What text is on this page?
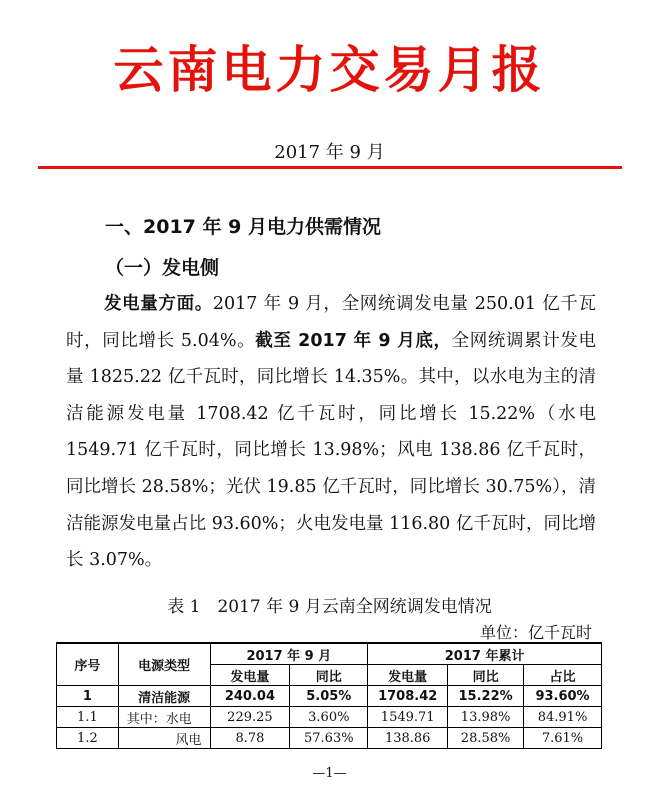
云南电力交易月报
2017 年 9 月
一、2017 年 9 月电力供需情况
（一）发电侧
发电量方面。2017 年 9 月，全网统调发电量 250.01 亿千瓦时，同比增长 5.04%。截至 2017 年 9 月底，全网统调累计发电量 1825.22 亿千瓦时，同比增长 14.35%。其中，以水电为主的清洁能源发电量 1708.42 亿千瓦时，同比增长 15.22%（水电 1549.71 亿千瓦时，同比增长 13.98%；风电 138.86 亿千瓦时，同比增长 28.58%；光伏 19.85 亿千瓦时，同比增长 30.75%），清洁能源发电量占比 93.60%；火电发电量 116.80 亿千瓦时，同比增长 3.07%。
表 1　2017 年 9 月云南全网统调发电情况
单位：亿千瓦时
序号	电源类型	2017 年 9 月		2017 年累计		
		发电量	同比	发电量	同比	占比
1	清洁能源	240.04	5.05%	1708.42	15.22%	93.60%
1.1	其中：水电	229.25	3.60%	1549.71	13.98%	84.91%
1.2	风电	8.78	57.63%	138.86	28.58%	7.61%
—1—
